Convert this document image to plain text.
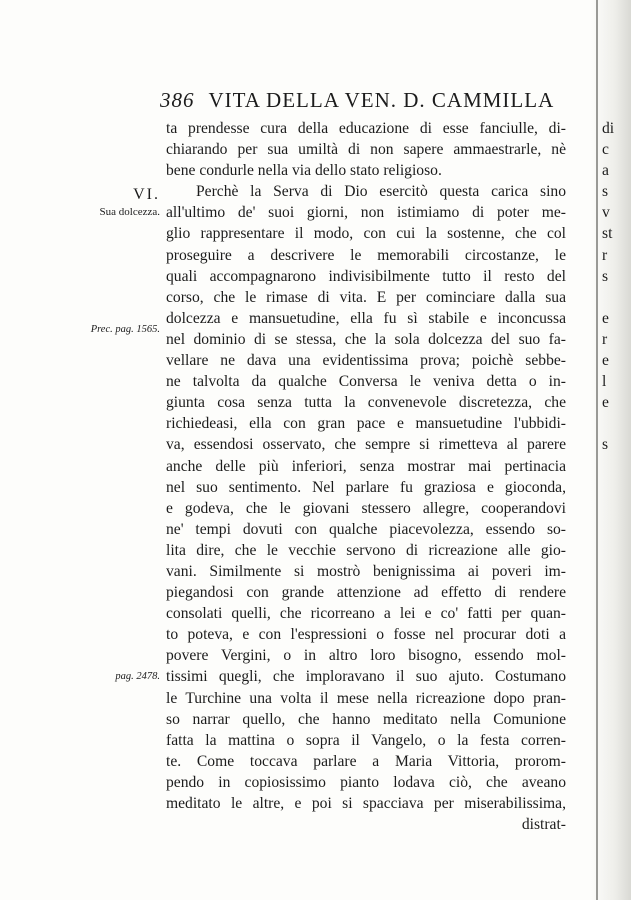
386 VITA DELLA VEN. D. CAMMILLA
VI.
Sua dolcezza.
Prec. pag. 1565.
pag. 2478.
ta prendesse cura della educazione di esse fanciulle, di-
chiarando per sua umiltà di non sapere ammaestrarle, nè
bene condurle nella via dello stato religioso.
Perchè la Serva di Dio esercitò questa carica sino
all'ultimo de' suoi giorni, non istimiamo di poter me-
glio rappresentare il modo, con cui la sostenne, che col
proseguire a descrivere le memorabili circostanze, le
quali accompagnarono indivisibilmente tutto il resto del
corso, che le rimase di vita. E per cominciare dalla sua
dolcezza e mansuetudine, ella fu sì stabile e inconcussa
nel dominio di se stessa, che la sola dolcezza del suo fa-
vellare ne dava una evidentissima prova; poichè sebbe-
ne talvolta da qualche Conversa le veniva detta o in-
giunta cosa senza tutta la convenevole discretezza, che
richiedeasi, ella con gran pace e mansuetudine l'ubbidi-
va, essendosi osservato, che sempre si rimetteva al parere
anche delle più inferiori, senza mostrar mai pertinacia
nel suo sentimento. Nel parlare fu graziosa e gioconda,
e godeva, che le giovani stessero allegre, cooperandovi
ne' tempi dovuti con qualche piacevolezza, essendo so-
lita dire, che le vecchie servono di ricreazione alle gio-
vani. Similmente si mostrò benignissima ai poveri im-
piegandosi con grande attenzione ad effetto di rendere
consolati quelli, che ricorreano a lei e co' fatti per quan-
to poteva, e con l'espressioni o fosse nel procurar doti a
povere Vergini, o in altro loro bisogno, essendo mol-
tissimi quegli, che imploravano il suo ajuto. Costumano
le Turchine una volta il mese nella ricreazione dopo pran-
so narrar quello, che hanno meditato nella Comunione
fatta la mattina o sopra il Vangelo, o la festa corren-
te. Come toccava parlare a Maria Vittoria, prorom-
pendo in copiosissimo pianto lodava ciò, che aveano
meditato le altre, e poi si spacciava per miserabilissima,
distrat-
di
c
a
s
v
st
r
s
e
r
e
l
e
s
